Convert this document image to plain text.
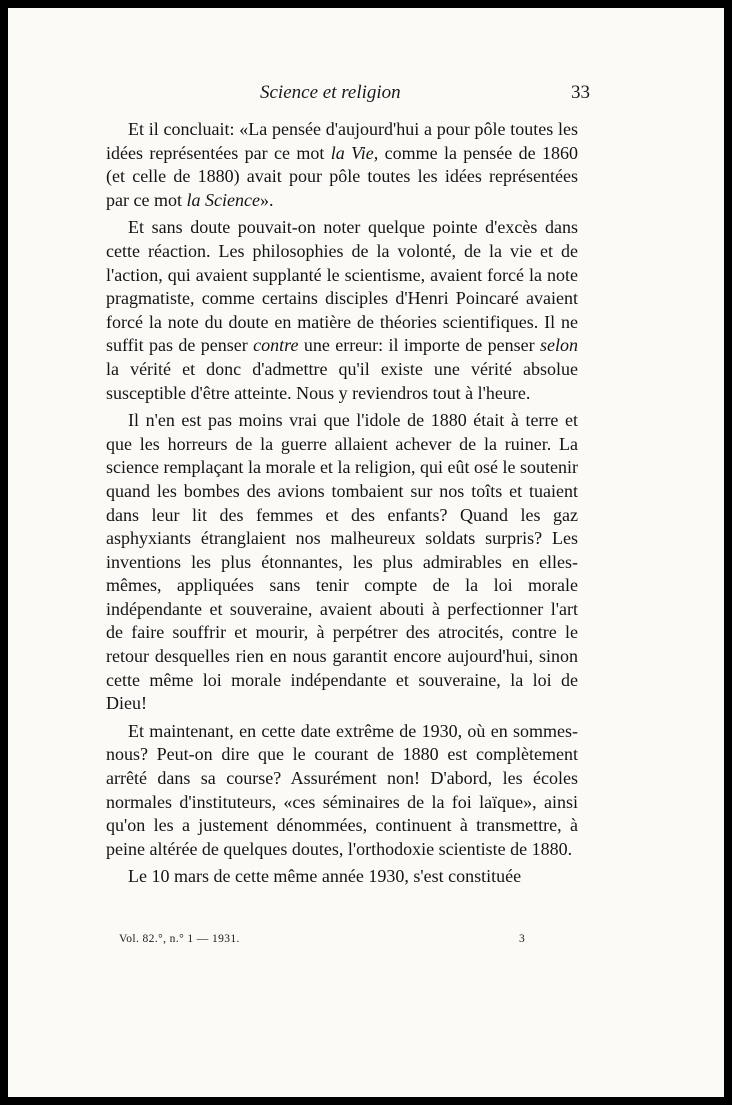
Science et religion	33

Et il concluait: «La pensée d'aujourd'hui a pour pôle toutes les idées représentées par ce mot la Vie, comme la pensée de 1860 (et celle de 1880) avait pour pôle toutes les idées représentées par ce mot la Science».

Et sans doute pouvait-on noter quelque pointe d'excès dans cette réaction. Les philosophies de la volonté, de la vie et de l'action, qui avaient supplanté le scientisme, avaient forcé la note pragmatiste, comme certains disciples d'Henri Poincaré avaient forcé la note du doute en matière de théories scientifiques. Il ne suffit pas de penser contre une erreur: il importe de penser selon la vérité et donc d'admettre qu'il existe une vérité absolue susceptible d'être atteinte. Nous y reviendros tout à l'heure.

Il n'en est pas moins vrai que l'idole de 1880 était à terre et que les horreurs de la guerre allaient achever de la ruiner. La science remplaçant la morale et la religion, qui eût osé le soutenir quand les bombes des avions tombaient sur nos toîts et tuaient dans leur lit des femmes et des enfants? Quand les gaz asphyxiants étranglaient nos malheureux soldats surpris? Les inventions les plus étonnantes, les plus admirables en elles-mêmes, appliquées sans tenir compte de la loi morale indépendante et souveraine, avaient abouti à perfectionner l'art de faire souffrir et mourir, à perpétrer des atrocités, contre le retour desquelles rien en nous garantit encore aujourd'hui, sinon cette même loi morale indépendante et souveraine, la loi de Dieu!

Et maintenant, en cette date extrême de 1930, où en sommes-nous? Peut-on dire que le courant de 1880 est complètement arrêté dans sa course? Assurément non! D'abord, les écoles normales d'instituteurs, «ces séminaires de la foi laïque», ainsi qu'on les a justement dénommées, continuent à transmettre, à peine altérée de quelques doutes, l'orthodoxie scientiste de 1880.

Le 10 mars de cette même année 1930, s'est constituée

Vol. 82.°, n.° 1 — 1931.	3
